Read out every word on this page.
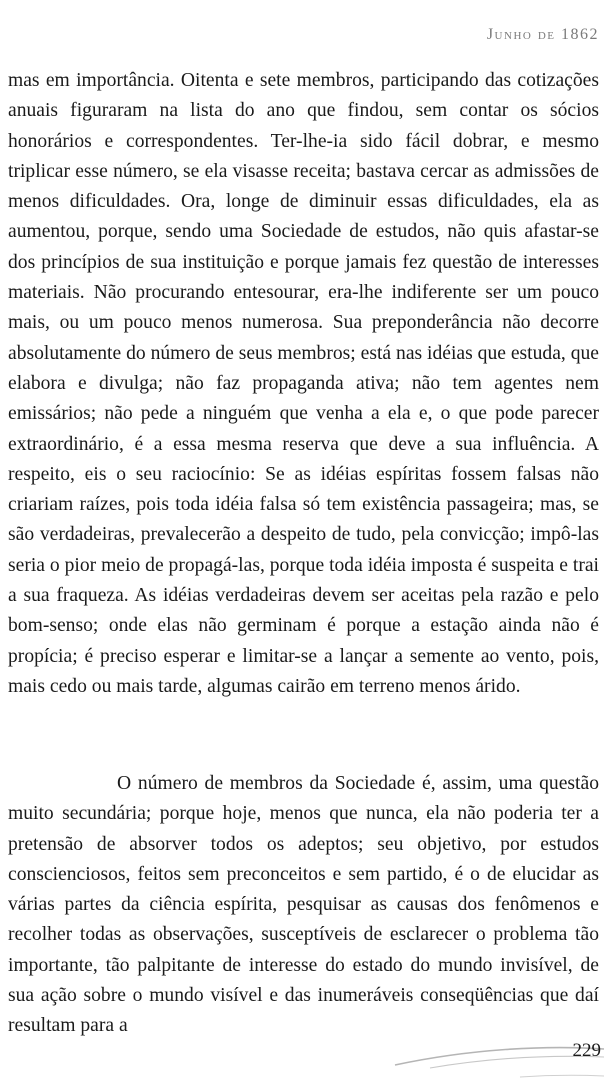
Junho de 1862

mas em importância. Oitenta e sete membros, participando das cotizações anuais figuraram na lista do ano que findou, sem contar os sócios honorários e correspondentes. Ter-lhe-ia sido fácil dobrar, e mesmo triplicar esse número, se ela visasse receita; bastava cercar as admissões de menos dificuldades. Ora, longe de diminuir essas dificuldades, ela as aumentou, porque, sendo uma Sociedade de estudos, não quis afastar-se dos princípios de sua instituição e porque jamais fez questão de interesses materiais. Não procurando entesourar, era-lhe indiferente ser um pouco mais, ou um pouco menos numerosa. Sua preponderância não decorre absolutamente do número de seus membros; está nas idéias que estuda, que elabora e divulga; não faz propaganda ativa; não tem agentes nem emissários; não pede a ninguém que venha a ela e, o que pode parecer extraordinário, é a essa mesma reserva que deve a sua influência. A respeito, eis o seu raciocínio: Se as idéias espíritas fossem falsas não criariam raízes, pois toda idéia falsa só tem existência passageira; mas, se são verdadeiras, prevalecerão a despeito de tudo, pela convicção; impô-las seria o pior meio de propagá-las, porque toda idéia imposta é suspeita e trai a sua fraqueza. As idéias verdadeiras devem ser aceitas pela razão e pelo bom-senso; onde elas não germinam é porque a estação ainda não é propícia; é preciso esperar e limitar-se a lançar a semente ao vento, pois, mais cedo ou mais tarde, algumas cairão em terreno menos árido.

O número de membros da Sociedade é, assim, uma questão muito secundária; porque hoje, menos que nunca, ela não poderia ter a pretensão de absorver todos os adeptos; seu objetivo, por estudos conscienciosos, feitos sem preconceitos e sem partido, é o de elucidar as várias partes da ciência espírita, pesquisar as causas dos fenômenos e recolher todas as observações, susceptíveis de esclarecer o problema tão importante, tão palpitante de interesse do estado do mundo invisível, de sua ação sobre o mundo visível e das inumeráveis conseqüências que daí resultam para a

229
